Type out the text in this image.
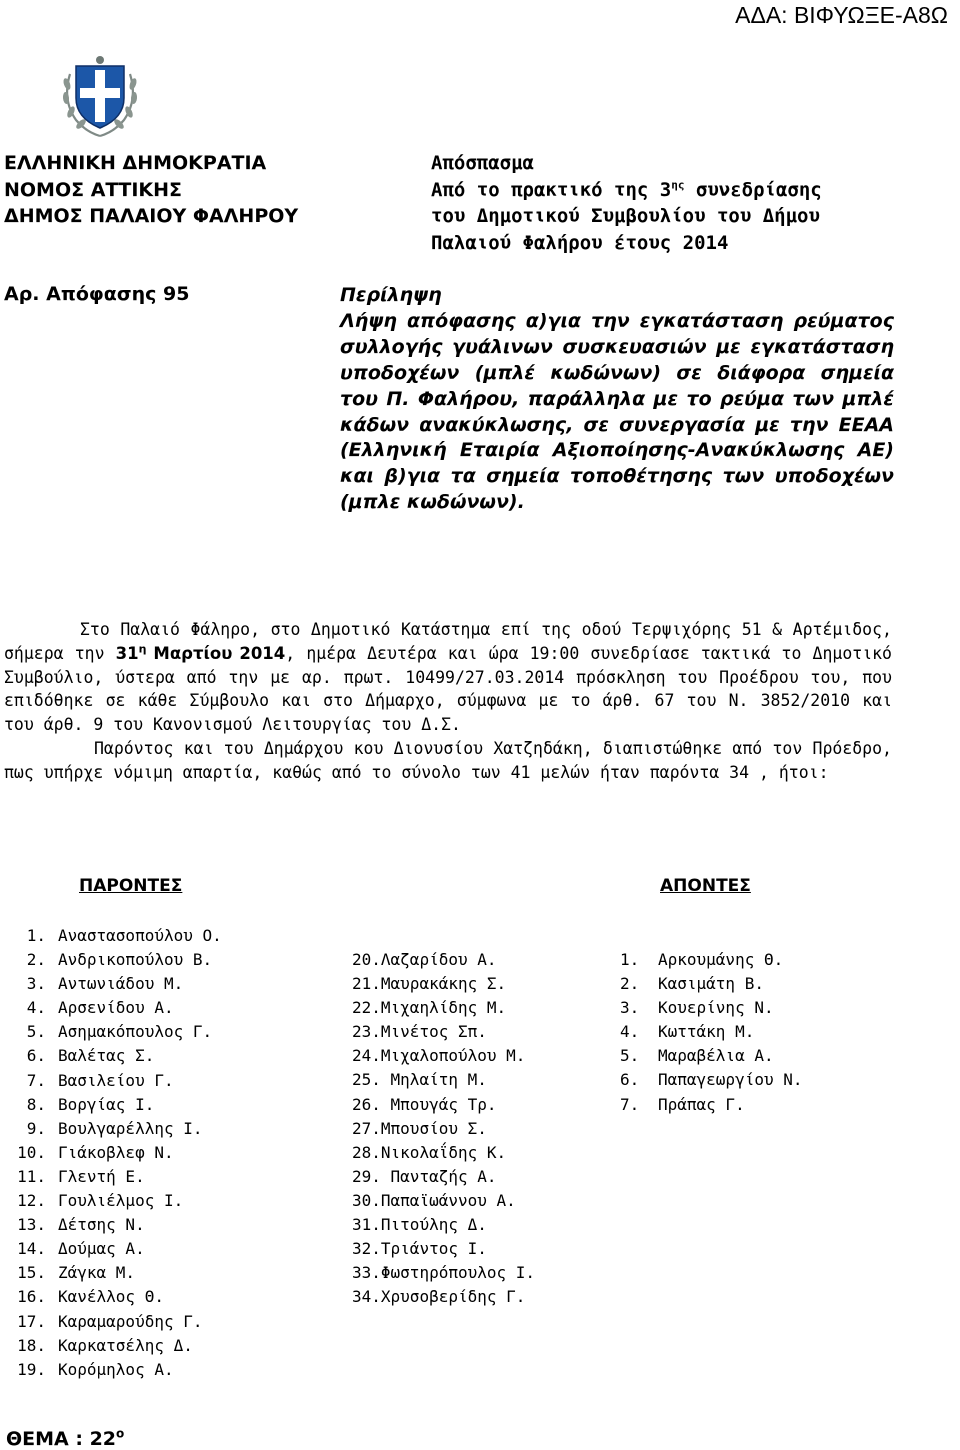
ΑΔΑ: ΒΙΦΥΩΞΕ-Α8Ω
ΕΛΛΗΝΙΚΗ ΔΗΜΟΚΡΑΤΙΑ
ΝΟΜΟΣ ΑΤΤΙΚΗΣ
ΔΗΜΟΣ ΠΑΛΑΙΟΥ ΦΑΛΗΡΟΥ
Απόσπασμα
Από το πρακτικό της $3^{\eta\varsigma}$ συνεδρίασης
του Δημοτικού Συμβουλίου του Δήμου
Παλαιού Φαλήρου έτους 2014
Αρ. Απόφασης 95	Περίληψη
Λήψη απόφασης α)για την εγκατάσταση ρεύματος συλλογής γυάλινων συσκευασιών με εγκατάσταση υποδοχέων (μπλέ κωδώνων) σε διάφορα σημεία του Π. Φαλήρου, παράλληλα με το ρεύμα των μπλέ κάδων ανακύκλωσης, σε συνεργασία με την ΕΕΑΑ (Ελληνική Εταιρία Αξιοποίησης-Ανακύκλωσης ΑΕ) και β)για τα σημεία τοποθέτησης των υποδοχέων (μπλε κωδώνων).

Στο Παλαιό Φάληρο, στο Δημοτικό Κατάστημα επί της οδού Τερψιχόρης 51 & Αρτέμιδος, σήμερα την $31^\eta$ Μαρτίου 2014, ημέρα Δευτέρα και ώρα 19:00 συνεδρίασε τακτικά το Δημοτικό Συμβούλιο, ύστερα από την με αρ. πρωτ. 10499/27.03.2014 πρόσκληση του Προέδρου του, που επιδόθηκε σε κάθε Σύμβουλο και στο Δήμαρχο, σύμφωνα με το άρθ. 67 του Ν. 3852/2010 και του άρθ. 9 του Κανονισμού Λειτουργίας του Δ.Σ.

Παρόντος και του Δημάρχου κου Διονυσίου Χατζηδάκη, διαπιστώθηκε από τον Πρόεδρο, πως υπήρχε νόμιμη απαρτία, καθώς από το σύνολο των 41 μελών ήταν παρόντα 34 , ήτοι:

ΠΑΡΟΝΤΕΣ	ΑΠΟΝΤΕΣ
1. Αναστασοπούλου Ο.
2. Ανδρικοπούλου Β.
3. Αντωνιάδου Μ.
4. Αρσενίδου Α.
5. Ασημακόπουλος Γ.
6. Βαλέτας Σ.
7. Βασιλείου Γ.
8. Βοργίας Ι.
9. Βουλγαρέλλης Ι.
10. Γιάκοβλεφ Ν.
11. Γλεντή Ε.
12. Γουλιέλμος Ι.
13. Δέτσης Ν.
14. Δούμας Α.
15. Ζάγκα Μ.
16. Κανέλλος Θ.
17. Καραμαρούδης Γ.
18. Καρκατσέλης Δ.
19. Κορόμηλος Α.
20.Λαζαρίδου Α.
21.Μαυρακάκης Σ.
22.Μιχαηλίδης Μ.
23.Μινέτος Σπ.
24.Μιχαλοπούλου Μ.
25. Μηλαίτη Μ.
26. Μπουγάς Τρ.
27.Μπουσίου Σ.
28.Νικολαΐδης Κ.
29. Πανταζής Α.
30.Παπαϊωάννου Α.
31.Πιτούλης Δ.
32.Τριάντος Ι.
33.Φωστηρόπουλος Ι.
34.Χρυσοβερίδης Γ.
1. Αρκουμάνης Θ.
2. Κασιμάτη Β.
3. Κουερίνης Ν.
4. Κωττάκη Μ.
5. Μαραβέλια Α.
6. Παπαγεωργίου Ν.
7. Πράπας Γ.
ΘΕΜΑ : $22^o$
